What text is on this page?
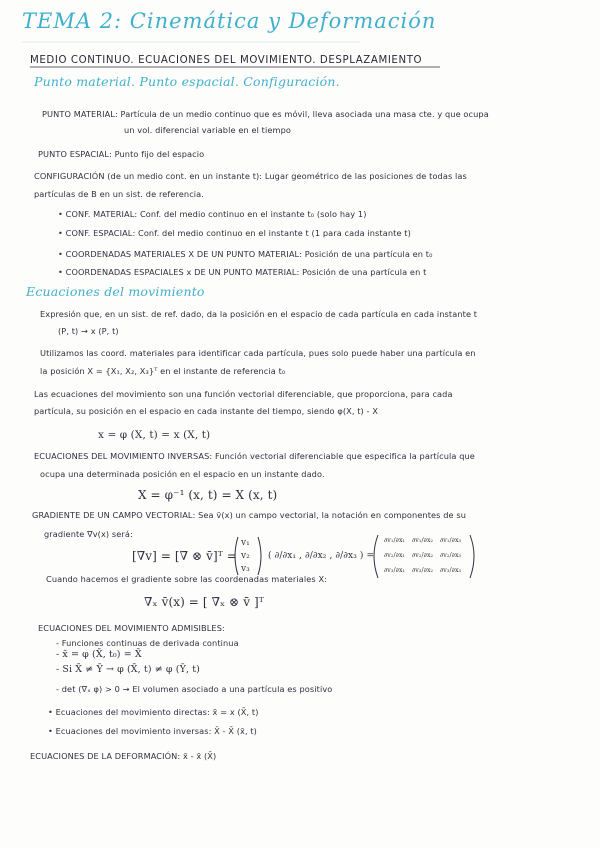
TEMA 2: Cinemática y Deformación
MEDIO CONTINUO. ECUACIONES DEL MOVIMIENTO. DESPLAZAMIENTO
Punto material. Punto espacial. Configuración.
PUNTO MATERIAL: Partícula de un medio continuo que es móvil, lleva asociada una masa cte. y que ocupa
un vol. diferencial variable en el tiempo
PUNTO ESPACIAL: Punto fijo del espacio
CONFIGURACIÓN (de un medio cont. en un instante t): Lugar geométrico de las posiciones de todas las
partículas de B en un sist. de referencia.
• CONF. MATERIAL: Conf. del medio continuo en el instante t₀ (solo hay 1)
• CONF. ESPACIAL: Conf. del medio continuo en el instante t (1 para cada instante t)
• COORDENADAS MATERIALES X DE UN PUNTO MATERIAL: Posición de una partícula en t₀
• COORDENADAS ESPACIALES x DE UN PUNTO MATERIAL: Posición de una partícula en t
Ecuaciones del movimiento
Expresión que, en un sist. de ref. dado, da la posición en el espacio de cada partícula en cada instante t
(P, t) → x (P, t)
Utilizamos las coord. materiales para identificar cada partícula, pues solo puede haber una partícula en
la posición X = {X₁, X₂, X₃}ᵀ en el instante de referencia t₀
Las ecuaciones del movimiento son una función vectorial diferenciable, que proporciona, para cada
partícula, su posición en el espacio en cada instante del tiempo, siendo φ(X, t) - X
x = φ (X, t) = x (X, t)
ECUACIONES DEL MOVIMIENTO INVERSAS: Función vectorial diferenciable que especifica la partícula que
ocupa una determinada posición en el espacio en un instante dado.
X = φ⁻¹ (x, t) = X (x, t)
GRADIENTE DE UN CAMPO VECTORIAL: Sea v̄(x) un campo vectorial, la notación en componentes de su
gradiente ∇̄v(x) será:
[∇̄v] = [∇̄ ⊗ v̄]ᵀ =
v₁
v₂
v₃
( ∂/∂x₁ , ∂/∂x₂ , ∂/∂x₃ ) =
∂v₁/∂x₁ ∂v₁/∂x₂ ∂v₁/∂x₃
∂v₂/∂x₁ ∂v₂/∂x₂ ∂v₂/∂x₃
∂v₃/∂x₁ ∂v₃/∂x₂ ∂v₃/∂x₃
Cuando hacemos el gradiente sobre las coordenadas materiales X:
∇̄ₓ v̄(x) = [ ∇̄ₓ ⊗ v̄ ]ᵀ
ECUACIONES DEL MOVIMIENTO ADMISIBLES:
- Funciones continuas de derivada continua
- x̄ = φ (X̄, t₀) = X̄
- Si X̄ ≠ Ȳ → φ (X̄, t) ≠ φ (Ȳ, t)
- det (∇̄ₓ φ) > 0 → El volumen asociado a una partícula es positivo
• Ecuaciones del movimiento directas: x̄ = x (X̄, t)
• Ecuaciones del movimiento inversas: X̄ - X̄ (x̄, t)
ECUACIONES DE LA DEFORMACIÓN: x̄ - x̄ (X̄)
